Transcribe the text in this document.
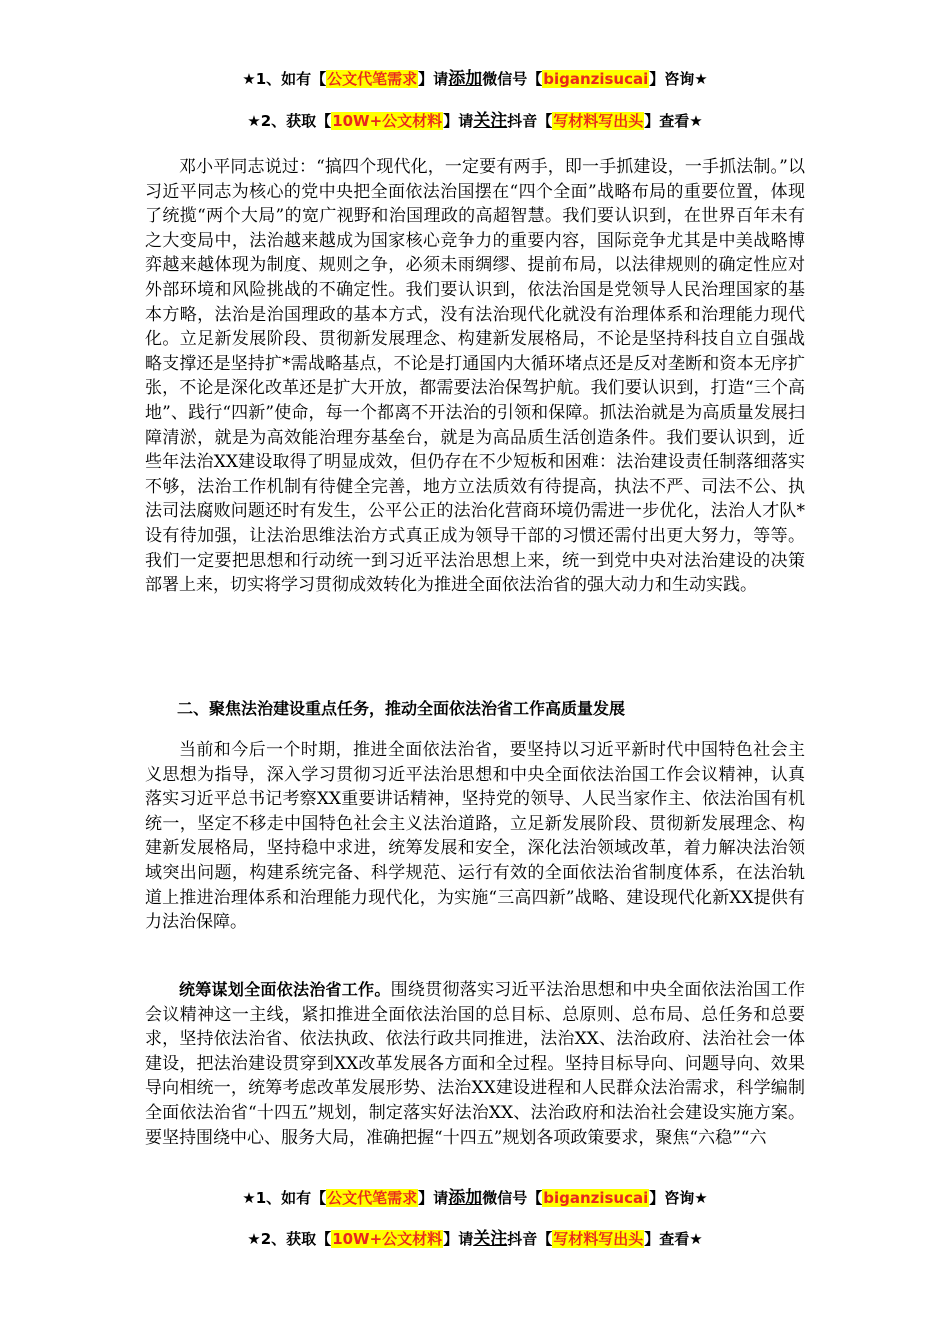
★1、如有【公文代笔需求】请添加微信号【biganzisucai】咨询★
★2、获取【10W+公文材料】请关注抖音【写材料写出头】查看★

邓小平同志说过：“搞四个现代化，一定要有两手，即一手抓建设，一手抓法制。”以习近平同志为核心的党中央把全面依法治国摆在“四个全面”战略布局的重要位置，体现了统揽“两个大局”的宽广视野和治国理政的高超智慧。我们要认识到，在世界百年未有之大变局中，法治越来越成为国家核心竞争力的重要内容，国际竞争尤其是中美战略博弈越来越体现为制度、规则之争，必须未雨绸缪、提前布局，以法律规则的确定性应对外部环境和风险挑战的不确定性。我们要认识到，依法治国是党领导人民治理国家的基本方略，法治是治国理政的基本方式，没有法治现代化就没有治理体系和治理能力现代化。立足新发展阶段、贯彻新发展理念、构建新发展格局，不论是坚持科技自立自强战略支撑还是坚持扩*需战略基点，不论是打通国内大循环堵点还是反对垄断和资本无序扩张，不论是深化改革还是扩大开放，都需要法治保驾护航。我们要认识到，打造“三个高地”、践行“四新”使命，每一个都离不开法治的引领和保障。抓法治就是为高质量发展扫障清淤，就是为高效能治理夯基垒台，就是为高品质生活创造条件。我们要认识到，近些年法治XX建设取得了明显成效，但仍存在不少短板和困难：法治建设责任制落细落实不够，法治工作机制有待健全完善，地方立法质效有待提高，执法不严、司法不公、执法司法腐败问题还时有发生，公平公正的法治化营商环境仍需进一步优化，法治人才队*设有待加强，让法治思维法治方式真正成为领导干部的习惯还需付出更大努力，等等。我们一定要把思想和行动统一到习近平法治思想上来，统一到党中央对法治建设的决策部署上来，切实将学习贯彻成效转化为推进全面依法治省的强大动力和生动实践。

二、聚焦法治建设重点任务，推动全面依法治省工作高质量发展

当前和今后一个时期，推进全面依法治省，要坚持以习近平新时代中国特色社会主义思想为指导，深入学习贯彻习近平法治思想和中央全面依法治国工作会议精神，认真落实习近平总书记考察XX重要讲话精神，坚持党的领导、人民当家作主、依法治国有机统一，坚定不移走中国特色社会主义法治道路，立足新发展阶段、贯彻新发展理念、构建新发展格局，坚持稳中求进，统筹发展和安全，深化法治领域改革，着力解决法治领域突出问题，构建系统完备、科学规范、运行有效的全面依法治省制度体系，在法治轨道上推进治理体系和治理能力现代化，为实施“三高四新”战略、建设现代化新XX提供有力法治保障。

统筹谋划全面依法治省工作。围绕贯彻落实习近平法治思想和中央全面依法治国工作会议精神这一主线，紧扣推进全面依法治国的总目标、总原则、总布局、总任务和总要求，坚持依法治省、依法执政、依法行政共同推进，法治XX、法治政府、法治社会一体建设，把法治建设贯穿到XX改革发展各方面和全过程。坚持目标导向、问题导向、效果导向相统一，统筹考虑改革发展形势、法治XX建设进程和人民群众法治需求，科学编制全面依法治省“十四五”规划，制定落实好法治XX、法治政府和法治社会建设实施方案。要坚持围绕中心、服务大局，准确把握“十四五”规划各项政策要求，聚焦“六稳”“六

★1、如有【公文代笔需求】请添加微信号【biganzisucai】咨询★
★2、获取【10W+公文材料】请关注抖音【写材料写出头】查看★
